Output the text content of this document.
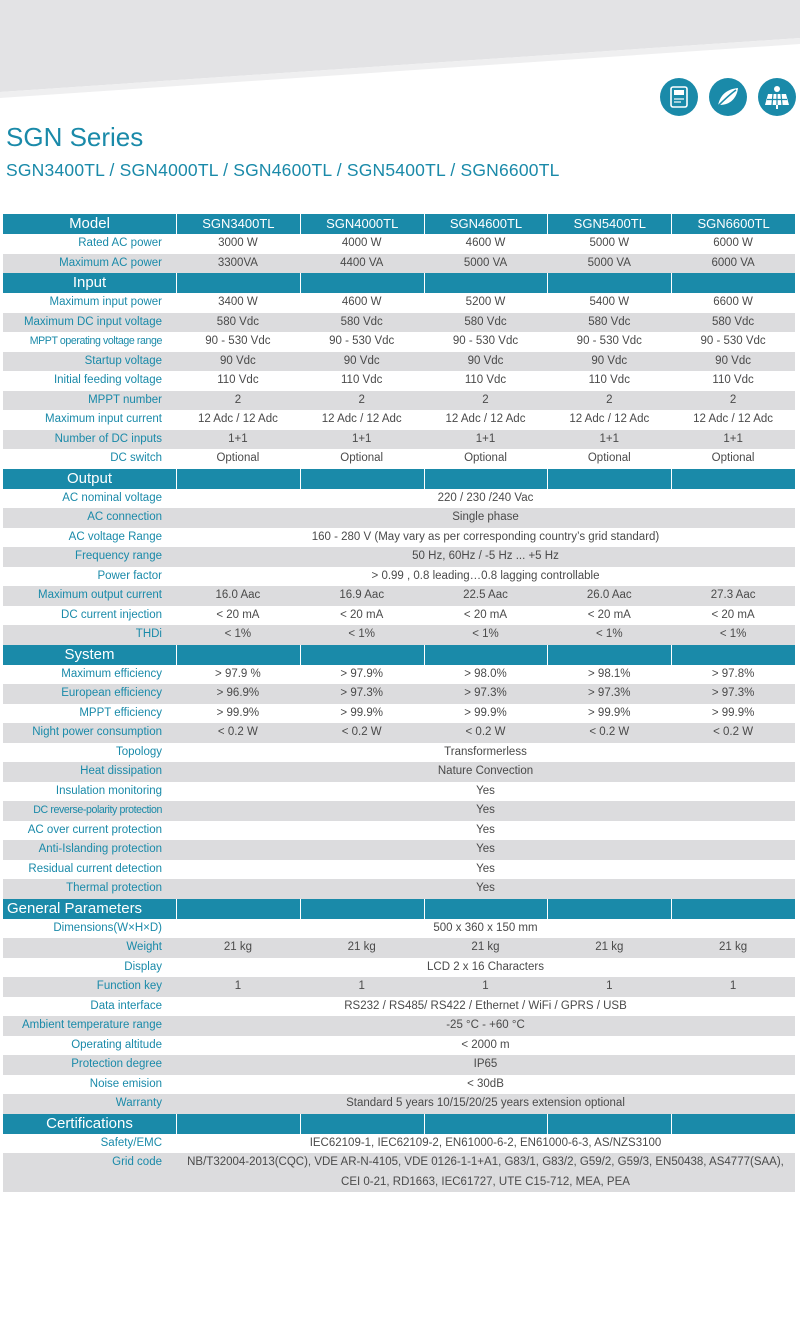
SGN Series
SGN3400TL / SGN4000TL / SGN4600TL / SGN5400TL / SGN6600TL
Model	SGN3400TL	SGN4000TL	SGN4600TL	SGN5400TL	SGN6600TL
Rated AC power	3000 W	4000 W	4600 W	5000 W	6000 W
Maximum AC power	3300VA	4400 VA	5000 VA	5000 VA	6000 VA
Input
Maximum input power	3400 W	4600 W	5200 W	5400 W	6600 W
Maximum DC input voltage	580 Vdc	580 Vdc	580 Vdc	580 Vdc	580 Vdc
MPPT operating voltage range	90 - 530 Vdc	90 - 530 Vdc	90 - 530 Vdc	90 - 530 Vdc	90 - 530 Vdc
Startup voltage	90 Vdc	90 Vdc	90 Vdc	90 Vdc	90 Vdc
Initial feeding voltage	110 Vdc	110 Vdc	110 Vdc	110 Vdc	110 Vdc
MPPT number	2	2	2	2	2
Maximum input current	12 Adc / 12 Adc	12 Adc / 12 Adc	12 Adc / 12 Adc	12 Adc / 12 Adc	12 Adc / 12 Adc
Number of DC inputs	1+1	1+1	1+1	1+1	1+1
DC switch	Optional	Optional	Optional	Optional	Optional
Output
AC nominal voltage	220 / 230 /240 Vac
AC connection	Single phase
AC voltage Range	160 - 280 V (May vary as per corresponding country’s grid standard)
Frequency range	50 Hz, 60Hz / -5 Hz ... +5 Hz
Power factor	> 0.99 , 0.8 leading…0.8 lagging controllable
Maximum output current	16.0 Aac	16.9 Aac	22.5 Aac	26.0 Aac	27.3 Aac
DC current injection	< 20 mA	< 20 mA	< 20 mA	< 20 mA	< 20 mA
THDi	< 1%	< 1%	< 1%	< 1%	< 1%
System
Maximum efficiency	> 97.9 %	> 97.9%	> 98.0%	> 98.1%	> 97.8%
European efficiency	> 96.9%	> 97.3%	> 97.3%	> 97.3%	> 97.3%
MPPT efficiency	> 99.9%	> 99.9%	> 99.9%	> 99.9%	> 99.9%
Night power consumption	< 0.2 W	< 0.2 W	< 0.2 W	< 0.2 W	< 0.2 W
Topology	Transformerless
Heat dissipation	Nature Convection
Insulation monitoring	Yes
DC reverse-polarity protection	Yes
AC over current protection	Yes
Anti-Islanding protection	Yes
Residual current detection	Yes
Thermal protection	Yes
General Parameters
Dimensions(W×H×D)	500 x 360 x 150 mm
Weight	21 kg	21 kg	21 kg	21 kg	21 kg
Display	LCD 2 x 16 Characters
Function key	1	1	1	1	1
Data interface	RS232 / RS485/ RS422 / Ethernet / WiFi / GPRS / USB
Ambient temperature range	-25 °C - +60 °C
Operating altitude	< 2000 m
Protection degree	IP65
Noise emision	< 30dB
Warranty	Standard 5 years 10/15/20/25 years extension optional
Certifications
Safety/EMC	IEC62109-1, IEC62109-2, EN61000-6-2, EN61000-6-3, AS/NZS3100
Grid code	NB/T32004-2013(CQC), VDE AR-N-4105, VDE 0126-1-1+A1, G83/1, G83/2, G59/2, G59/3, EN50438, AS4777(SAA), CEI 0-21, RD1663, IEC61727, UTE C15-712, MEA, PEA
